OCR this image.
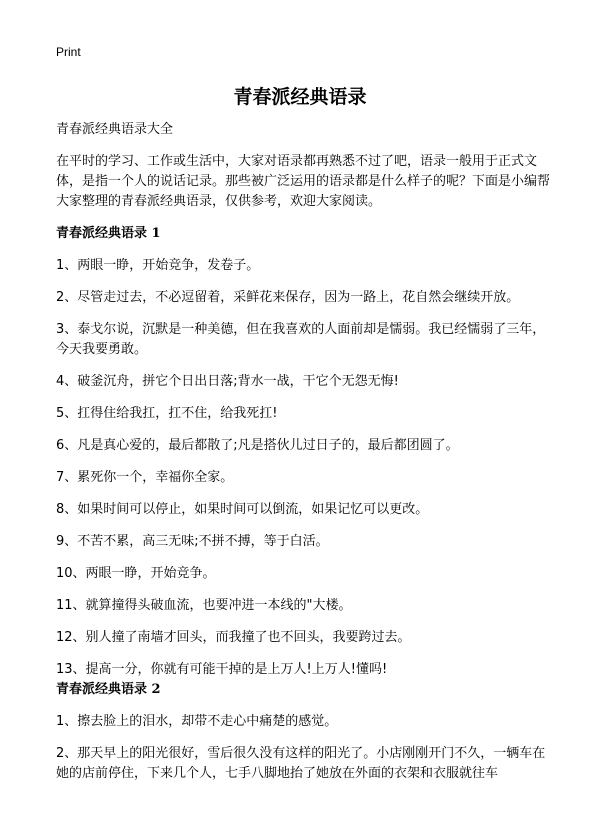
Print
青春派经典语录

青春派经典语录大全

在平时的学习、工作或生活中，大家对语录都再熟悉不过了吧，语录一般用于正式文体，是指一个人的说话记录。那些被广泛运用的语录都是什么样子的呢？下面是小编帮大家整理的青春派经典语录，仅供参考，欢迎大家阅读。

青春派经典语录 1

1、两眼一睁，开始竞争，发卷子。

2、尽管走过去，不必逗留着，采鲜花来保存，因为一路上，花自然会继续开放。

3、泰戈尔说，沉默是一种美德，但在我喜欢的人面前却是懦弱。我已经懦弱了三年，今天我要勇敢。

4、破釜沉舟，拼它个日出日落;背水一战，干它个无怨无悔!

5、扛得住给我扛，扛不住，给我死扛!

6、凡是真心爱的，最后都散了;凡是搭伙儿过日子的，最后都团圆了。

7、累死你一个，幸福你全家。

8、如果时间可以停止，如果时间可以倒流，如果记忆可以更改。

9、不苦不累，高三无味;不拼不搏，等于白活。

10、两眼一睁，开始竞争。

11、就算撞得头破血流，也要冲进一本线的"大楼。

12、别人撞了南墙才回头，而我撞了也不回头，我要跨过去。

13、提高一分，你就有可能干掉的是上万人!上万人!懂吗!

青春派经典语录 2

1、擦去脸上的泪水，却带不走心中痛楚的感觉。

2、那天早上的阳光很好，雪后很久没有这样的阳光了。小店刚刚开门不久，一辆车在她的店前停住，下来几个人，七手八脚地抬了她放在外面的衣架和衣服就往车
